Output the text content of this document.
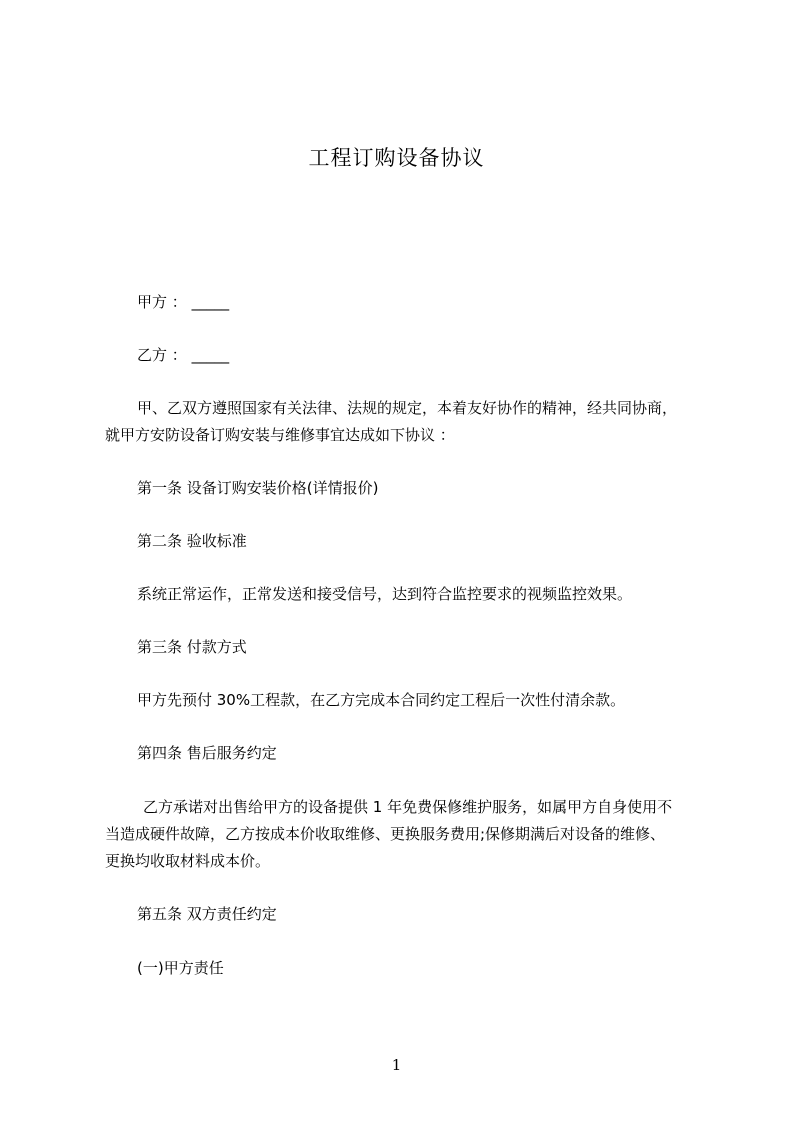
工程订购设备协议
甲方 ： _____
乙方 ： _____
甲、乙双方遵照国家有关法律、法规的规定，本着友好协作的精神，经共同协商，
就甲方安防设备订购安装与维修事宜达成如下协议 ：
第一条 设备订购安装价格(详情报价)
第二条 验收标准
系统正常运作，正常发送和接受信号，达到符合监控要求的视频监控效果。
第三条 付款方式
甲方先预付 30%工程款，在乙方完成本合同约定工程后一次性付清余款。
第四条 售后服务约定
乙方承诺对出售给甲方的设备提供 1 年免费保修维护服务，如属甲方自身使用不
当造成硬件故障，乙方按成本价收取维修、更换服务费用;保修期满后对设备的维修、
更换均收取材料成本价。
第五条 双方责任约定
(一)甲方责任
1
